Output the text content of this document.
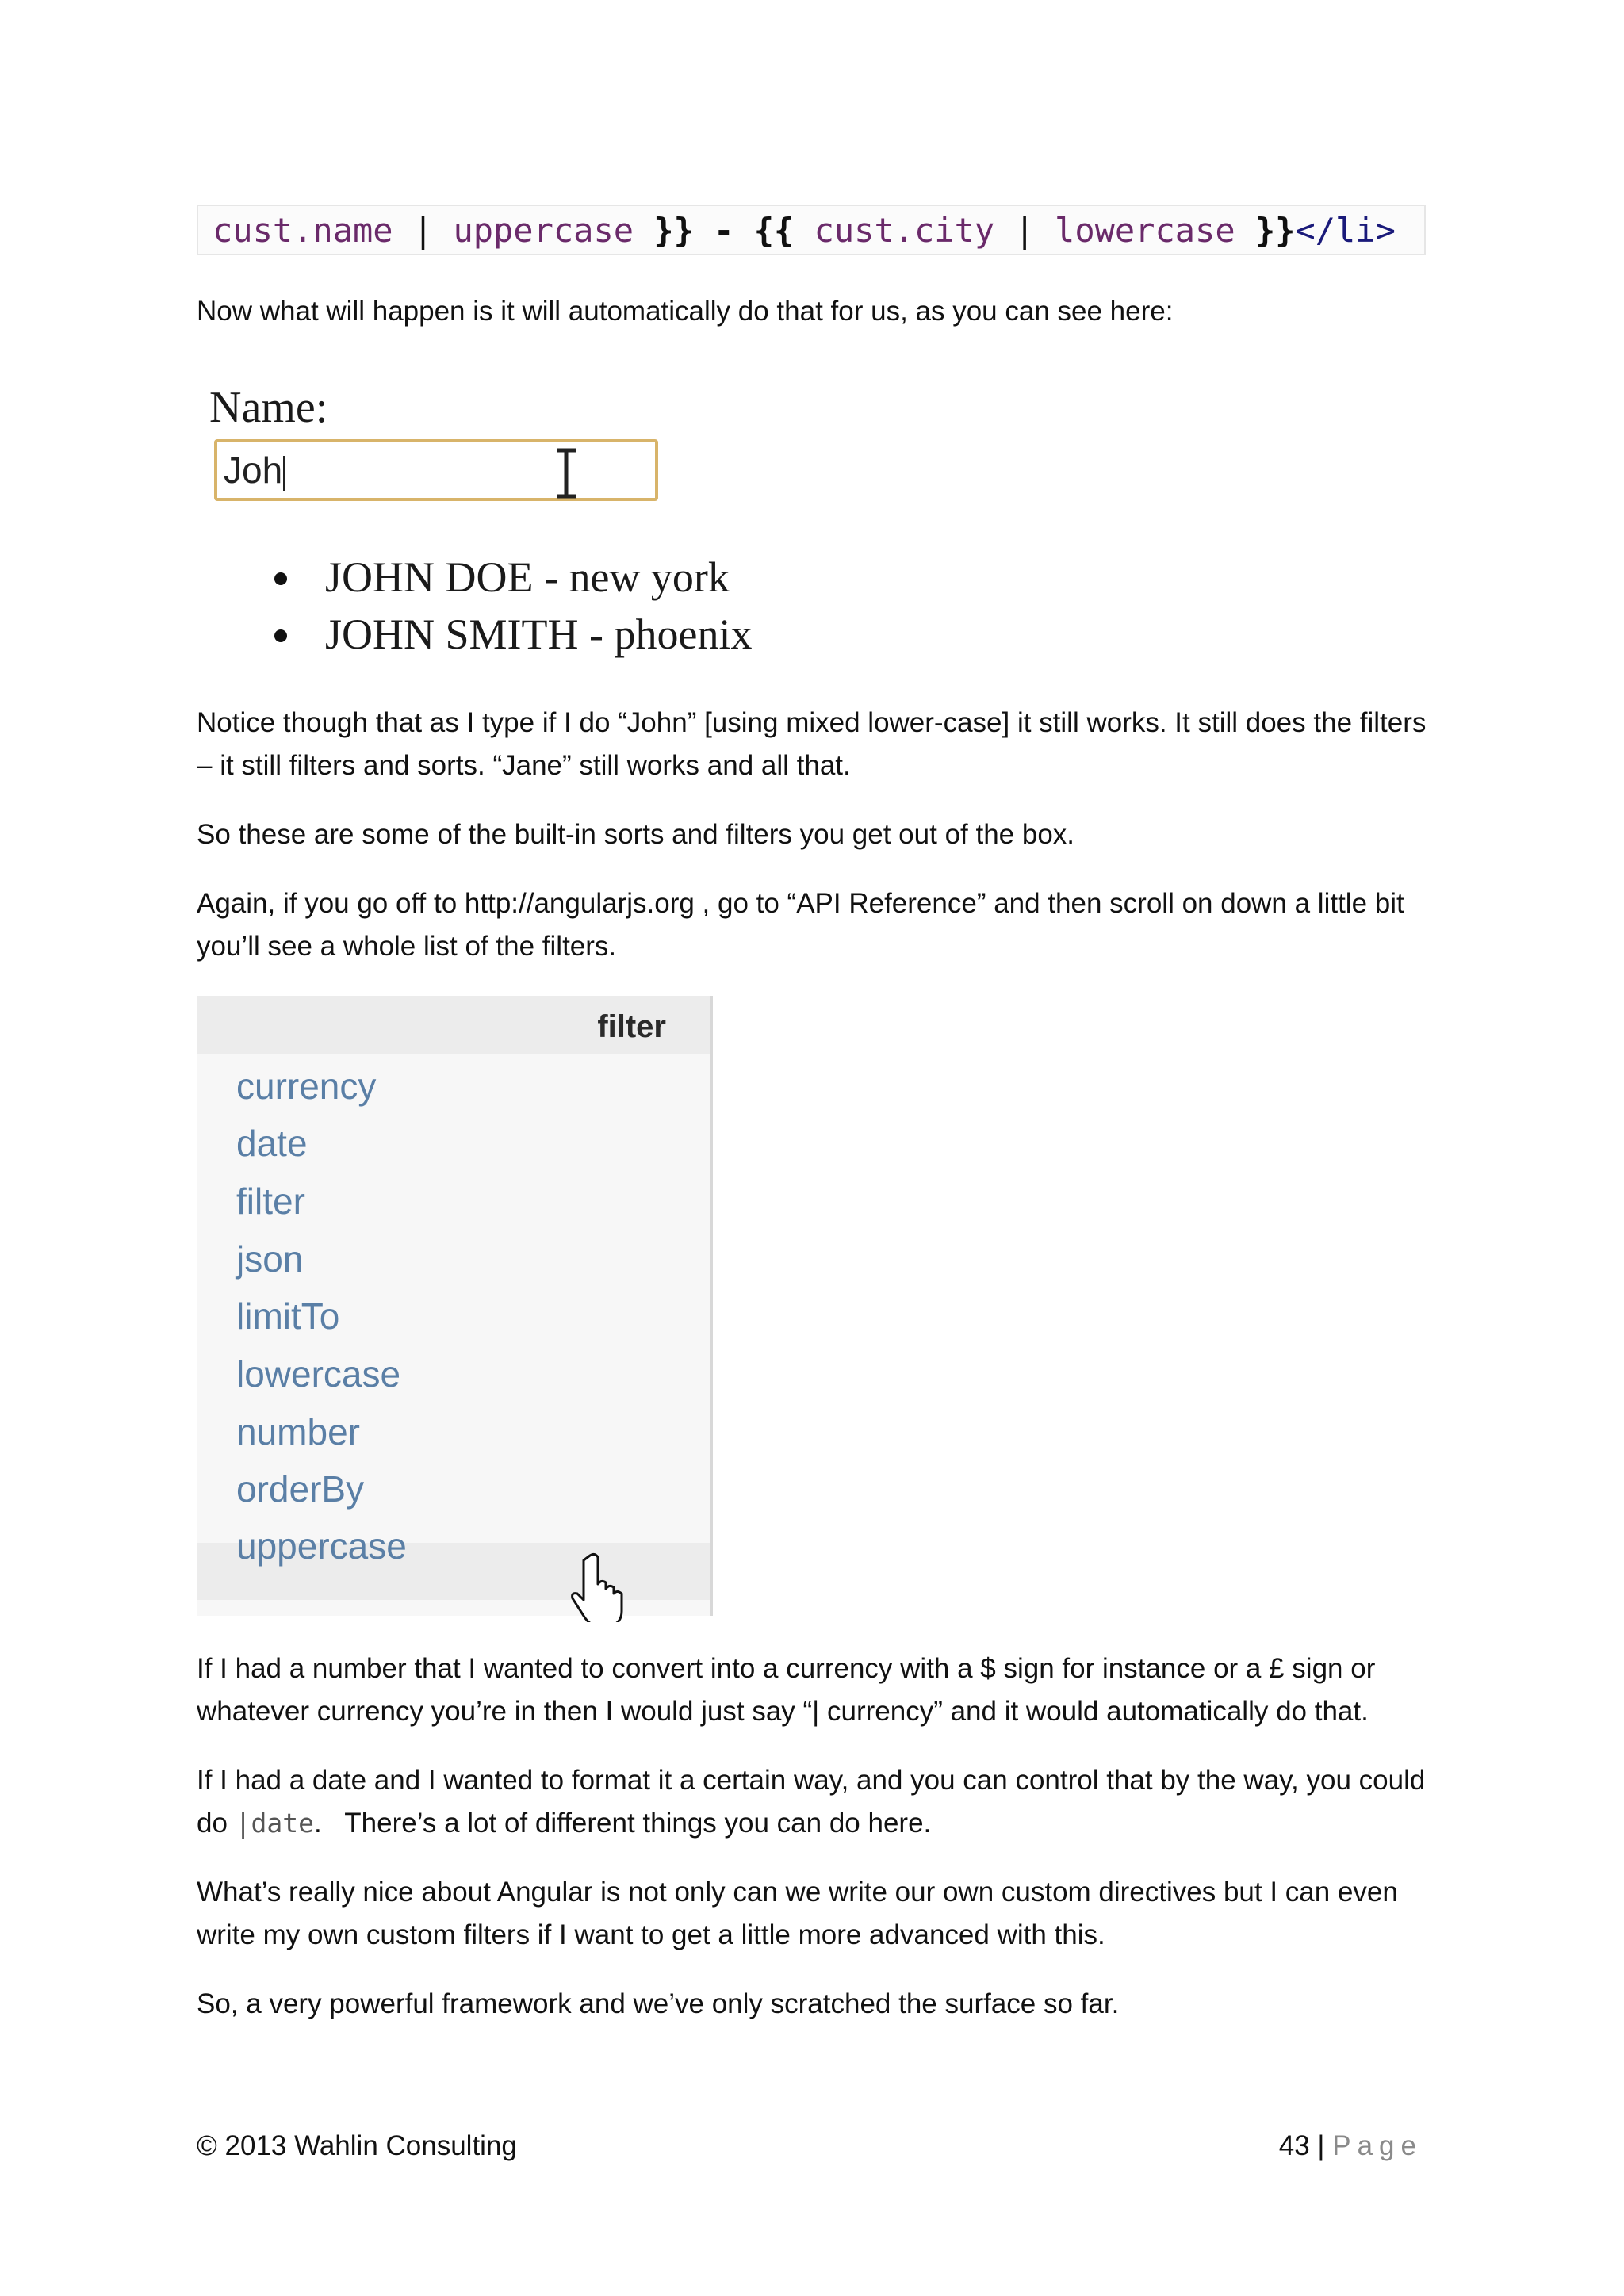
cust.name | uppercase }} - {{ cust.city | lowercase }} </li>

Now what will happen is it will automatically do that for us, as you can see here:

Name:
Joh
JOHN DOE - new york
JOHN SMITH - phoenix

Notice though that as I type if I do “John” [using mixed lower-case] it still works. It still does the filters – it still filters and sorts. “Jane” still works and all that.

So these are some of the built-in sorts and filters you get out of the box.

Again, if you go off to http://angularjs.org , go to “API Reference” and then scroll on down a little bit you’ll see a whole list of the filters.

filter
currency
date
filter
json
limitTo
lowercase
number
orderBy
uppercase

If I had a number that I wanted to convert into a currency with a $ sign for instance or a £ sign or whatever currency you’re in then I would just say “| currency” and it would automatically do that.

If I had a date and I wanted to format it a certain way, and you can control that by the way, you could do |date.   There’s a lot of different things you can do here.

What’s really nice about Angular is not only can we write our own custom directives but I can even write my own custom filters if I want to get a little more advanced with this.

So, a very powerful framework and we’ve only scratched the surface so far.

© 2013 Wahlin Consulting	43 | Page
